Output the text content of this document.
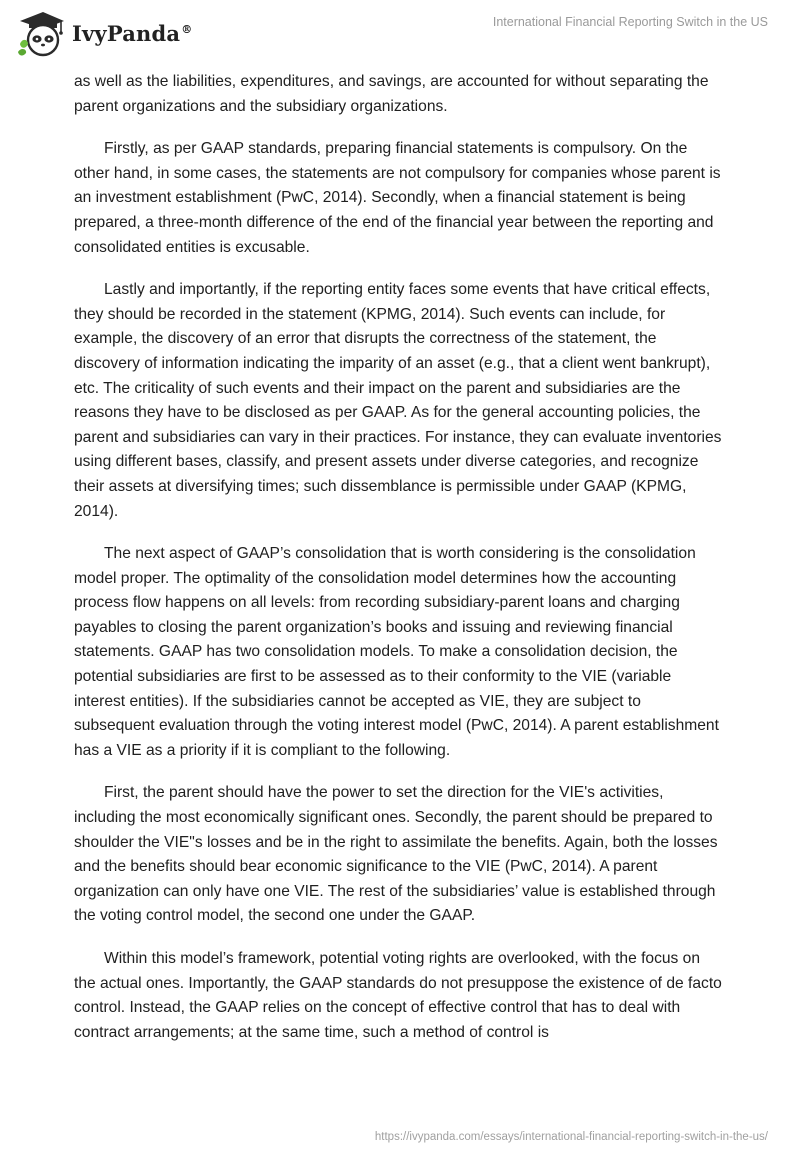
IvyPanda®	International Financial Reporting Switch in the US

as well as the liabilities, expenditures, and savings, are accounted for without separating the parent organizations and the subsidiary organizations.

Firstly, as per GAAP standards, preparing financial statements is compulsory. On the other hand, in some cases, the statements are not compulsory for companies whose parent is an investment establishment (PwC, 2014). Secondly, when a financial statement is being prepared, a three-month difference of the end of the financial year between the reporting and consolidated entities is excusable.

Lastly and importantly, if the reporting entity faces some events that have critical effects, they should be recorded in the statement (KPMG, 2014). Such events can include, for example, the discovery of an error that disrupts the correctness of the statement, the discovery of information indicating the imparity of an asset (e.g., that a client went bankrupt), etc. The criticality of such events and their impact on the parent and subsidiaries are the reasons they have to be disclosed as per GAAP. As for the general accounting policies, the parent and subsidiaries can vary in their practices. For instance, they can evaluate inventories using different bases, classify, and present assets under diverse categories, and recognize their assets at diversifying times; such dissemblance is permissible under GAAP (KPMG, 2014).

The next aspect of GAAP’s consolidation that is worth considering is the consolidation model proper. The optimality of the consolidation model determines how the accounting process flow happens on all levels: from recording subsidiary-parent loans and charging payables to closing the parent organization’s books and issuing and reviewing financial statements. GAAP has two consolidation models. To make a consolidation decision, the potential subsidiaries are first to be assessed as to their conformity to the VIE (variable interest entities). If the subsidiaries cannot be accepted as VIE, they are subject to subsequent evaluation through the voting interest model (PwC, 2014). A parent establishment has a VIE as a priority if it is compliant to the following.

First, the parent should have the power to set the direction for the VIE's activities, including the most economically significant ones. Secondly, the parent should be prepared to shoulder the VIE"s losses and be in the right to assimilate the benefits. Again, both the losses and the benefits should bear economic significance to the VIE (PwC, 2014). A parent organization can only have one VIE. The rest of the subsidiaries’ value is established through the voting control model, the second one under the GAAP.

Within this model’s framework, potential voting rights are overlooked, with the focus on the actual ones. Importantly, the GAAP standards do not presuppose the existence of de facto control. Instead, the GAAP relies on the concept of effective control that has to deal with contract arrangements; at the same time, such a method of control is

https://ivypanda.com/essays/international-financial-reporting-switch-in-the-us/
